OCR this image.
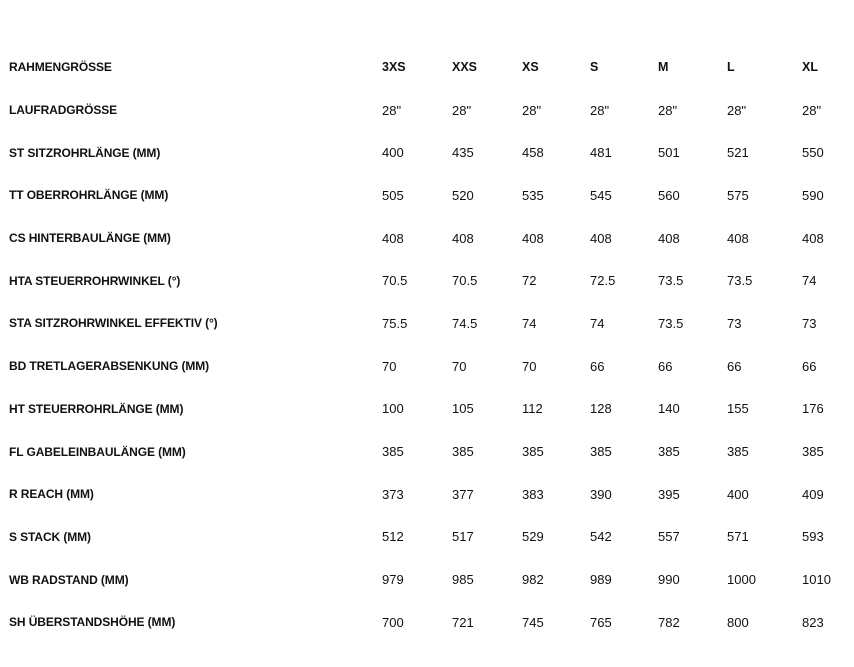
RAHMENGRÖSSE	3XS	XXS	XS	S	M	L	XL
LAUFRADGRÖSSE	28"	28"	28"	28"	28"	28"	28"
ST SITZROHRLÄNGE (MM)	400	435	458	481	501	521	550
TT OBERROHRLÄNGE (MM)	505	520	535	545	560	575	590
CS HINTERBAULÄNGE (MM)	408	408	408	408	408	408	408
HTA STEUERROHRWINKEL (°)	70.5	70.5	72	72.5	73.5	73.5	74
STA SITZROHRWINKEL EFFEKTIV (°)	75.5	74.5	74	74	73.5	73	73
BD TRETLAGERABSENKUNG (MM)	70	70	70	66	66	66	66
HT STEUERROHRLÄNGE (MM)	100	105	112	128	140	155	176
FL GABELEINBAULÄNGE (MM)	385	385	385	385	385	385	385
R REACH (MM)	373	377	383	390	395	400	409
S STACK (MM)	512	517	529	542	557	571	593
WB RADSTAND (MM)	979	985	982	989	990	1000	1010
SH ÜBERSTANDSHÖHE (MM)	700	721	745	765	782	800	823
